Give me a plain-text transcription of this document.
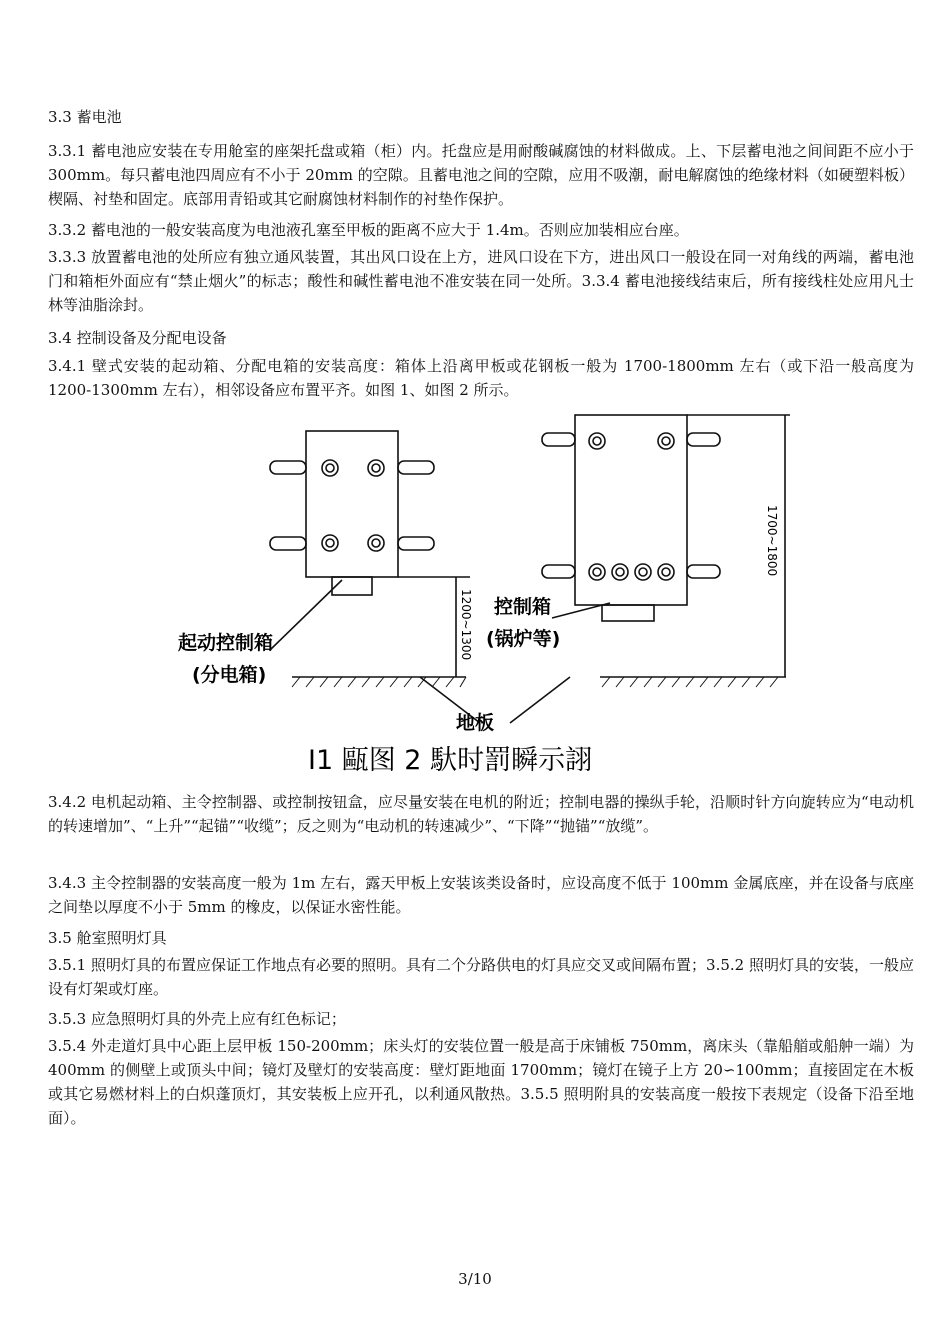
3.3 蓄电池

3.3.1 蓄电池应安装在专用舱室的座架托盘或箱（柜）内。托盘应是用耐酸碱腐蚀的材料做成。上、下层蓄电池之间间距不应小于 300mm。每只蓄电池四周应有不小于 20mm 的空隙。且蓄电池之间的空隙，应用不吸潮，耐电解腐蚀的绝缘材料（如硬塑料板）楔隔、衬垫和固定。底部用青铅或其它耐腐蚀材料制作的衬垫作保护。

3.3.2 蓄电池的一般安装高度为电池液孔塞至甲板的距离不应大于 1.4m。否则应加装相应台座。

3.3.3 放置蓄电池的处所应有独立通风装置，其出风口设在上方，进风口设在下方，进出风口一般设在同一对角线的两端，蓄电池门和箱柜外面应有“禁止烟火”的标志；酸性和碱性蓄电池不准安装在同一处所。3.3.4 蓄电池接线结束后，所有接线柱处应用凡士林等油脂涂封。

3.4 控制设备及分配电设备

3.4.1 壁式安装的起动箱、分配电箱的安装高度：箱体上沿离甲板或花钢板一般为 1700-1800mm 左右（或下沿一般高度为 1200-1300mm 左右），相邻设备应布置平齐。如图 1、如图 2 所示。

起动控制箱
(分电箱)
控制箱
(锅炉等)
地板
1200~1300
1700~1800
I1 甌图 2 馱时罰瞬示詡

3.4.2 电机起动箱、主令控制器、或控制按钮盒，应尽量安装在电机的附近；控制电器的操纵手轮，沿顺时针方向旋转应为“电动机的转速增加”、“上升”“起锚”“收缆”；反之则为“电动机的转速减少”、“下降”“抛锚”“放缆”。

3.4.3 主令控制器的安装高度一般为 1m 左右，露天甲板上安装该类设备时，应设高度不低于 100mm 金属底座，并在设备与底座之间垫以厚度不小于 5mm 的橡皮，以保证水密性能。

3.5 舱室照明灯具

3.5.1 照明灯具的布置应保证工作地点有必要的照明。具有二个分路供电的灯具应交叉或间隔布置；3.5.2 照明灯具的安装，一般应设有灯架或灯座。

3.5.3 应急照明灯具的外壳上应有红色标记；

3.5.4 外走道灯具中心距上层甲板 150-200mm；床头灯的安装位置一般是高于床铺板 750mm，离床头（靠船艏或船舯一端）为 400mm 的侧壁上或顶头中间；镜灯及壁灯的安装高度：壁灯距地面 1700mm；镜灯在镜子上方 20∽100mm；直接固定在木板或其它易燃材料上的白炽蓬顶灯，其安装板上应开孔，以利通风散热。3.5.5 照明附具的安装高度一般按下表规定（设备下沿至地面）。

3/10
